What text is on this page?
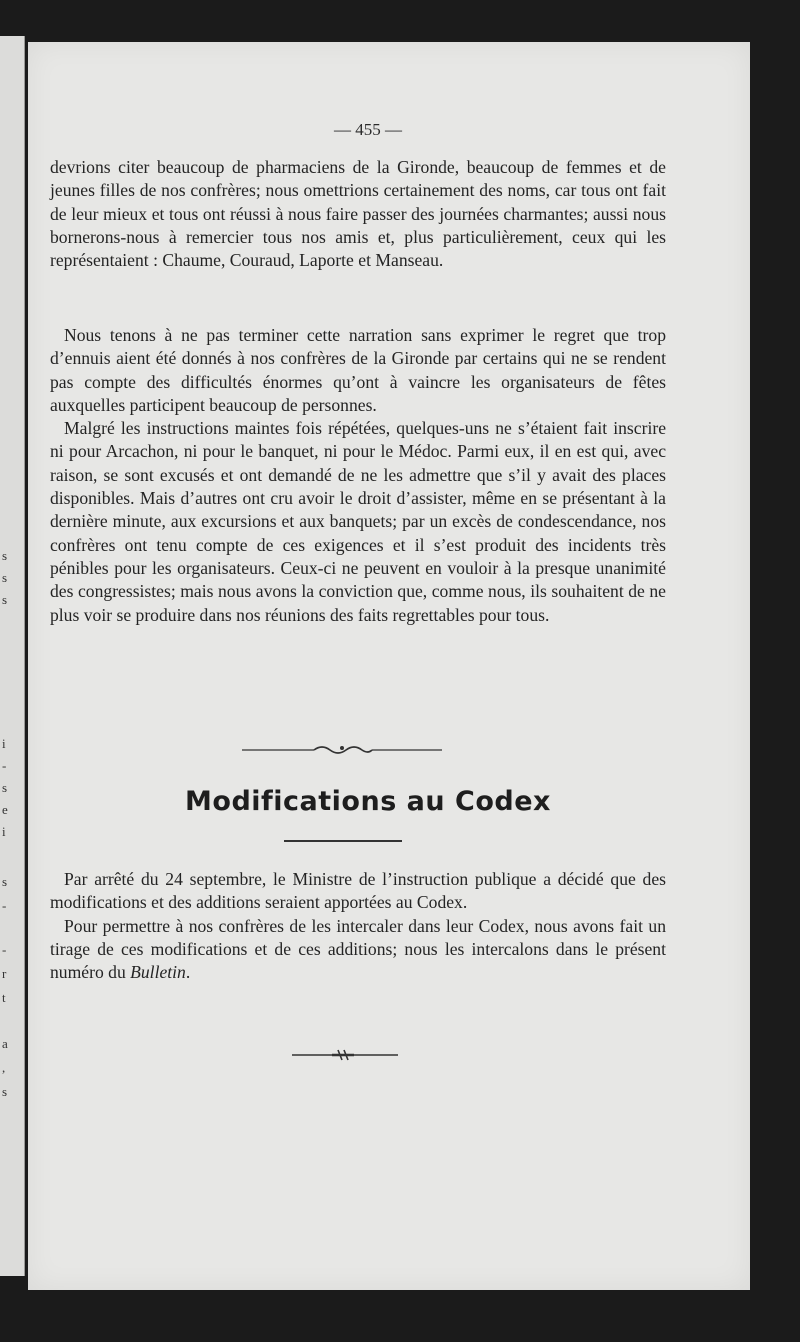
s
s
s
i
-
s
e
i
s
-
-
r
t
a
,
s
— 455 —

devrions citer beaucoup de pharmaciens de la Gironde, beaucoup de femmes et de jeunes filles de nos confrères; nous omettrions certainement des noms, car tous ont fait de leur mieux et tous ont réussi à nous faire passer des journées charmantes; aussi nous bornerons-nous à remercier tous nos amis et, plus particulièrement, ceux qui les représentaient : Chaume, Couraud, Laporte et Manseau.

Nous tenons à ne pas terminer cette narration sans exprimer le regret que trop d’ennuis aient été donnés à nos confrères de la Gironde par certains qui ne se rendent pas compte des difficultés énormes qu’ont à vaincre les organisateurs de fêtes auxquelles participent beaucoup de personnes.

Malgré les instructions maintes fois répétées, quelques-uns ne s’étaient fait inscrire ni pour Arcachon, ni pour le banquet, ni pour le Médoc. Parmi eux, il en est qui, avec raison, se sont excusés et ont demandé de ne les admettre que s’il y avait des places disponibles. Mais d’autres ont cru avoir le droit d’assister, même en se présentant à la dernière minute, aux excursions et aux banquets; par un excès de condescendance, nos confrères ont tenu compte de ces exigences et il s’est produit des incidents très pénibles pour les organisateurs. Ceux-ci ne peuvent en vouloir à la presque unanimité des congressistes; mais nous avons la conviction que, comme nous, ils souhaitent de ne plus voir se produire dans nos réunions des faits regrettables pour tous.

Modifications au Codex

Par arrêté du 24 septembre, le Ministre de l’instruction publique a décidé que des modifications et des additions seraient apportées au Codex.

Pour permettre à nos confrères de les intercaler dans leur Codex, nous avons fait un tirage de ces modifications et de ces additions; nous les intercalons dans le présent numéro du Bulletin.
